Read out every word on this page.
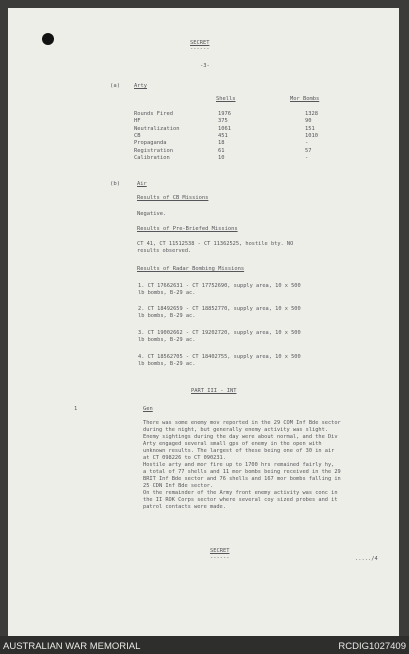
SECRET
------
-3-
(a)	Arty
Shells	Mor Bombs
Rounds Fired	1976	1328
HF	375	90
Neutralization	1061	151
CB	451	1010
Propaganda	18	-
Registration	61	57
Calibration	10	-
(b)	Air
Results of CB Missions
Negative.
Results of Pre-Briefed Missions
CT 41, CT 11512538 - CT 11362525, hostile bty. NO
results observed.
Results of Radar Bombing Missions
1. CT 17662631 - CT 17752690, supply area, 10 x 500
lb bombs, B-29 ac.
2. CT 18492659 - CT 18852770, supply area, 10 x 500
lb bombs, B-29 ac.
3. CT 19002662 - CT 19202720, supply area, 10 x 500
lb bombs, B-29 ac.
4. CT 18562705 - CT 18402755, supply area, 10 x 500
lb bombs, B-29 ac.
PART III - INT
1	Gen
There was some enemy mov reported in the 29 COM Inf Bde sector
during the night, but generally enemy activity was slight.
Enemy sightings during the day were about normal, and the Div
Arty engaged several small gps of enemy in the open with
unknown results. The largest of these being one of 30 in air
at CT 098226 to CT 090231.
Hostile arty and mor fire up to 1700 hrs remained fairly hy,
a total of 77 shells and 11 mor bombs being received in the 29
BRIT Inf Bde sector and 76 shells and 167 mor bombs falling in
25 CDN Inf Bde sector.
On the remainder of the Army front enemy activity was conc in
the II ROK Corps sector where several coy sized probes and it
patrol contacts were made.
SECRET
------	...../4
AUSTRALIAN WAR MEMORIAL	RCDIG1027409
